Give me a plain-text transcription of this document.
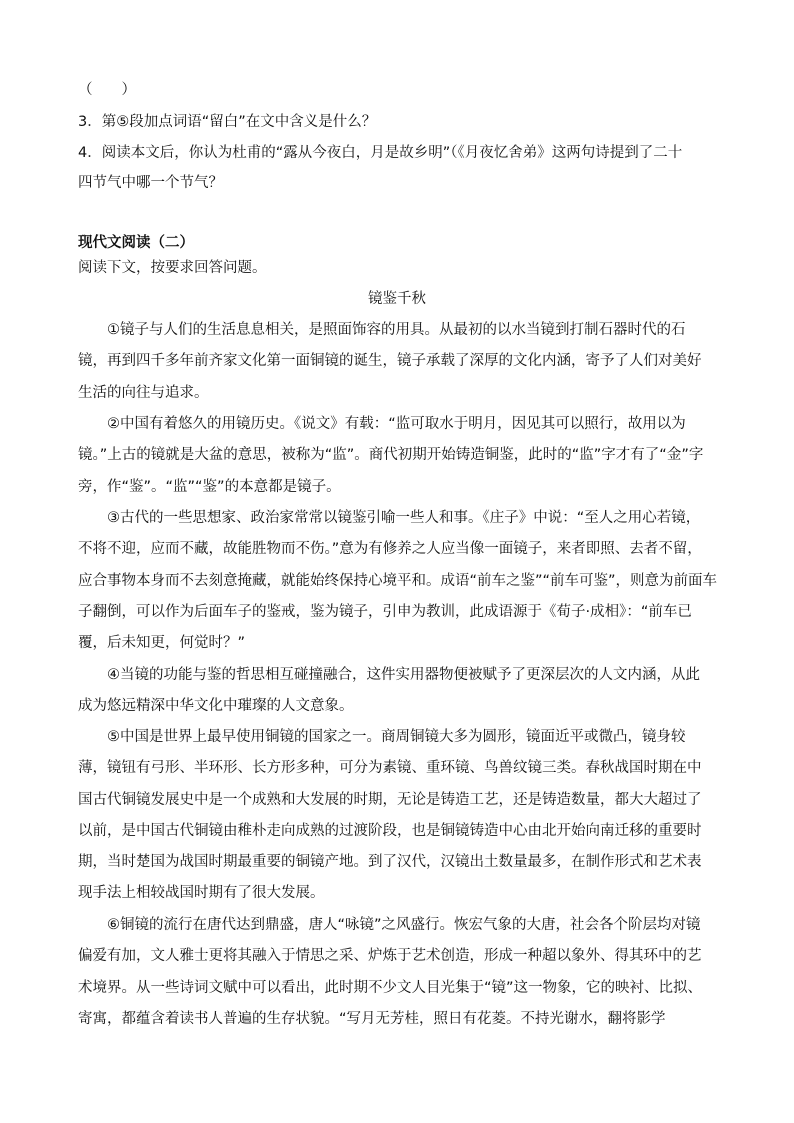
（　　）
3．第⑤段加点词语“留白”在文中含义是什么？
4．阅读本文后，你认为杜甫的“露从今夜白，月是故乡明”（《月夜忆舍弟》这两句诗提到了二十
四节气中哪一个节气？
现代文阅读（二）
阅读下文，按要求回答问题。
镜鉴千秋
①镜子与人们的生活息息相关，是照面饰容的用具。从最初的以水当镜到打制石器时代的石
镜，再到四千多年前齐家文化第一面铜镜的诞生，镜子承载了深厚的文化内涵，寄予了人们对美好
生活的向往与追求。
②中国有着悠久的用镜历史。《说文》有载：“监可取水于明月，因见其可以照行，故用以为
镜。”上古的镜就是大盆的意思，被称为“监”。商代初期开始铸造铜鉴，此时的“监”字才有了“金”字
旁，作“鉴”。“监”“鉴”的本意都是镜子。
③古代的一些思想家、政治家常常以镜鉴引喻一些人和事。《庄子》中说：“至人之用心若镜，
不将不迎，应而不藏，故能胜物而不伤。”意为有修养之人应当像一面镜子，来者即照、去者不留，
应合事物本身而不去刻意掩藏，就能始终保持心境平和。成语“前车之鉴”“前车可鉴”，则意为前面车
子翻倒，可以作为后面车子的鉴戒，鉴为镜子，引申为教训，此成语源于《荀子·成相》：“前车已
覆，后未知更，何觉时？”
④当镜的功能与鉴的哲思相互碰撞融合，这件实用器物便被赋予了更深层次的人文内涵，从此
成为悠远精深中华文化中璀璨的人文意象。
⑤中国是世界上最早使用铜镜的国家之一。商周铜镜大多为圆形，镜面近平或微凸，镜身较
薄，镜钮有弓形、半环形、长方形多种，可分为素镜、重环镜、鸟兽纹镜三类。春秋战国时期在中
国古代铜镜发展史中是一个成熟和大发展的时期，无论是铸造工艺，还是铸造数量，都大大超过了
以前，是中国古代铜镜由稚朴走向成熟的过渡阶段，也是铜镜铸造中心由北开始向南迁移的重要时
期，当时楚国为战国时期最重要的铜镜产地。到了汉代，汉镜出土数量最多，在制作形式和艺术表
现手法上相较战国时期有了很大发展。
⑥铜镜的流行在唐代达到鼎盛，唐人“咏镜”之风盛行。恢宏气象的大唐，社会各个阶层均对镜
偏爱有加，文人雅士更将其融入于情思之采、炉炼于艺术创造，形成一种超以象外、得其环中的艺
术境界。从一些诗词文赋中可以看出，此时期不少文人目光集于“镜”这一物象，它的映衬、比拟、
寄寓，都蕴含着读书人普遍的生存状貌。“写月无芳桂，照日有花菱。不持光谢水，翻将影学
